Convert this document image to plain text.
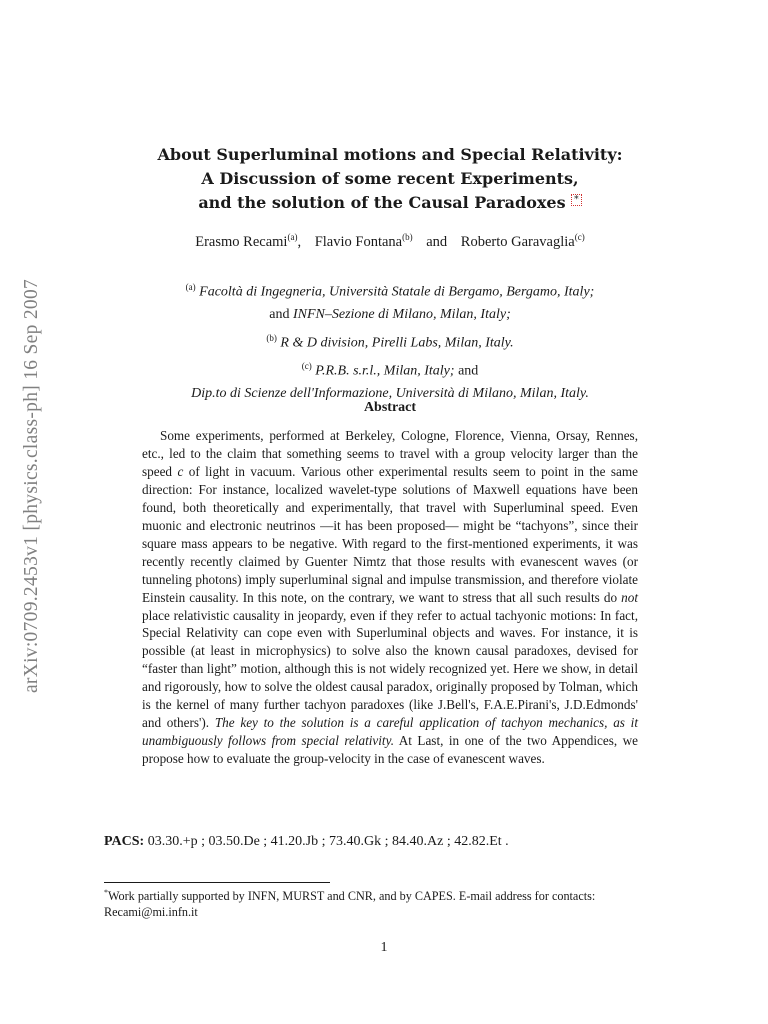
arXiv:0709.2453v1 [physics.class-ph] 16 Sep 2007
About Superluminal motions and Special Relativity:
A Discussion of some recent Experiments,
and the solution of the Causal Paradoxes *
Erasmo Recami$^{(a)}$, Flavio Fontana$^{(b)}$ and Roberto Garavaglia$^{(c)}$
$^{(a)}$ Facoltà di Ingegneria, Università Statale di Bergamo, Bergamo, Italy;
and INFN–Sezione di Milano, Milan, Italy;
$^{(b)}$ R & D division, Pirelli Labs, Milan, Italy.
$^{(c)}$ P.R.B. s.r.l., Milan, Italy; and
Dip.to di Scienze dell'Informazione, Università di Milano, Milan, Italy.
Abstract
Some experiments, performed at Berkeley, Cologne, Florence, Vienna, Orsay, Rennes, etc., led to the claim that something seems to travel with a group velocity larger than the speed c of light in vacuum. Various other experimental results seem to point in the same direction: For instance, localized wavelet-type solutions of Maxwell equations have been found, both theoretically and experimentally, that travel with Superluminal speed. Even muonic and electronic neutrinos —it has been proposed— might be “tachyons”, since their square mass appears to be negative. With regard to the first-mentioned experiments, it was recently recently claimed by Guenter Nimtz that those results with evanescent waves (or tunneling photons) imply superluminal signal and impulse transmission, and therefore violate Einstein causality. In this note, on the contrary, we want to stress that all such results do not place relativistic causality in jeopardy, even if they refer to actual tachyonic motions: In fact, Special Relativity can cope even with Superluminal objects and waves. For instance, it is possible (at least in microphysics) to solve also the known causal paradoxes, devised for “faster than light” motion, although this is not widely recognized yet. Here we show, in detail and rigorously, how to solve the oldest causal paradox, originally proposed by Tolman, which is the kernel of many further tachyon paradoxes (like J.Bell's, F.A.E.Pirani's, J.D.Edmonds' and others'). The key to the solution is a careful application of tachyon mechanics, as it unambiguously follows from special relativity. At Last, in one of the two Appendices, we propose how to evaluate the group-velocity in the case of evanescent waves.
PACS: 03.30.+p ; 03.50.De ; 41.20.Jb ; 73.40.Gk ; 84.40.Az ; 42.82.Et .
*Work partially supported by INFN, MURST and CNR, and by CAPES. E-mail address for contacts: Recami@mi.infn.it
1
